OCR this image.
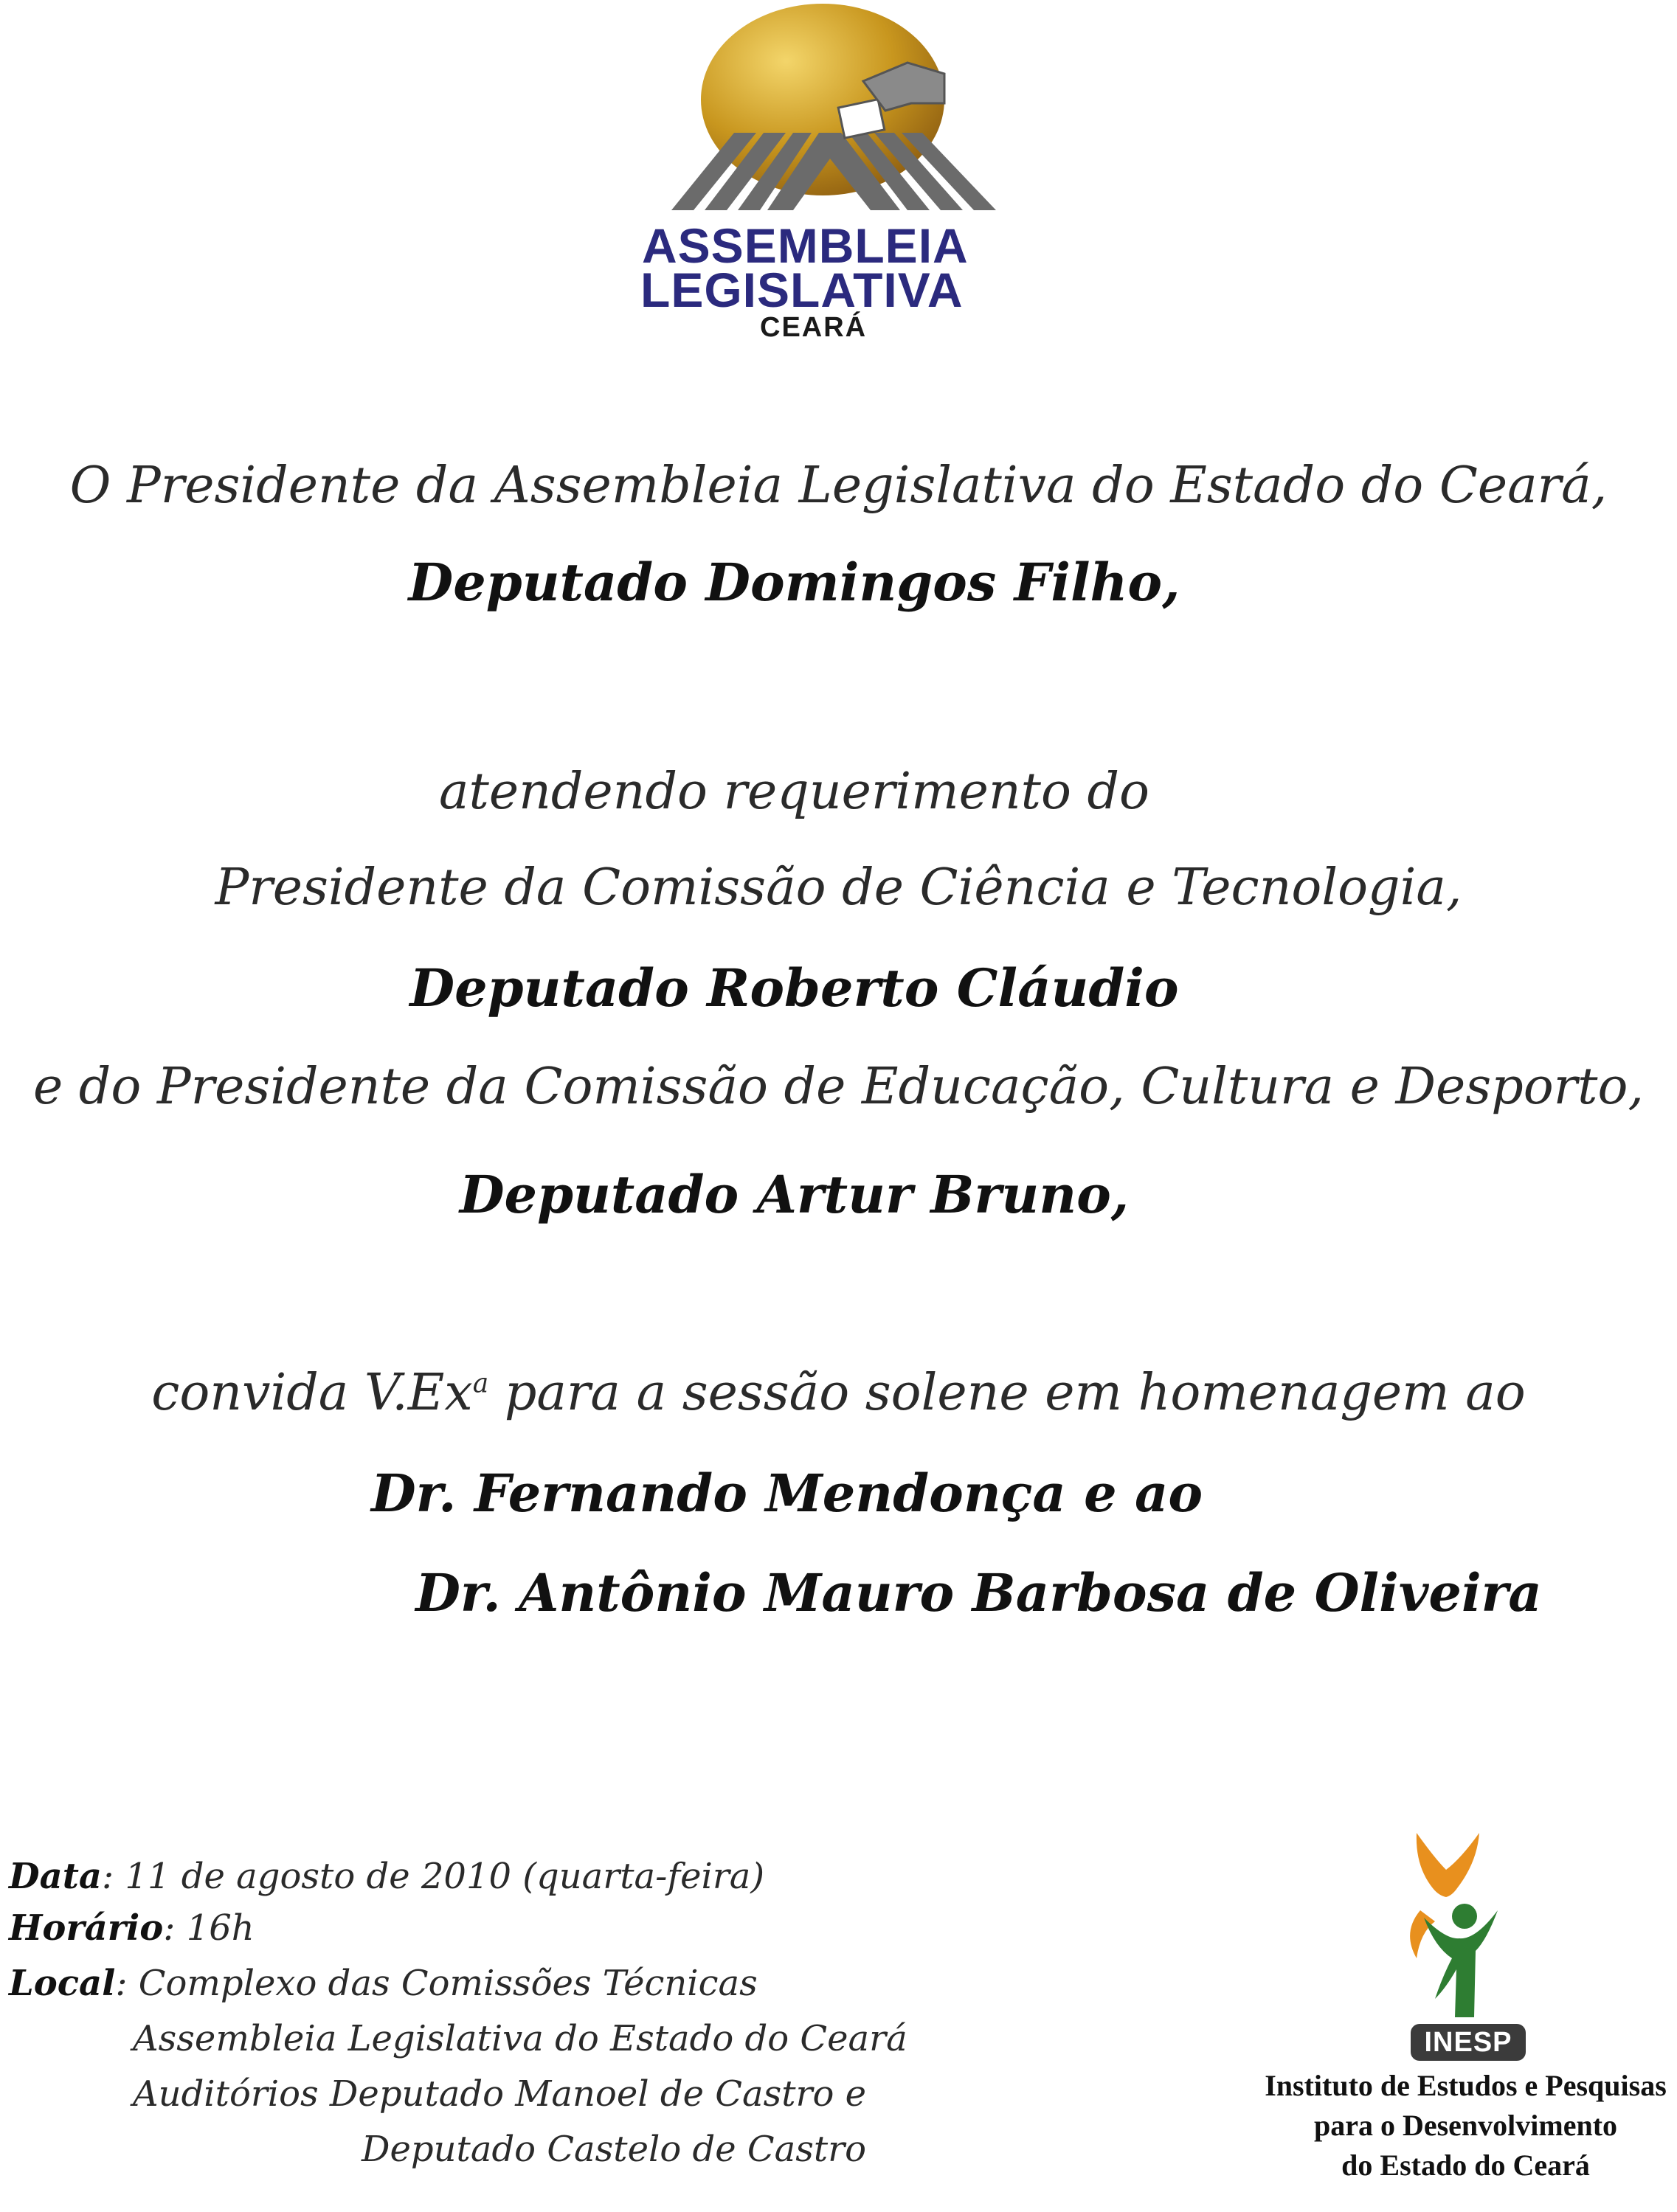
ASSEMBLEIA
LEGISLATIVA
CEARÁ
O Presidente da Assembleia Legislativa do Estado do Ceará,
Deputado Domingos Filho,
atendendo requerimento do
Presidente da Comissão de Ciência e Tecnologia,
Deputado Roberto Cláudio
e do Presidente da Comissão de Educação, Cultura e Desporto,
Deputado Artur Bruno,
convida V.Ex$^a$ para a sessão solene em homenagem ao
Dr. Fernando Mendonça e ao
Dr. Antônio Mauro Barbosa de Oliveira
Data: 11 de agosto de 2010 (quarta-feira)
Horário: 16h
Local: Complexo das Comissões Técnicas
Assembleia Legislativa do Estado do Ceará
Auditórios Deputado Manoel de Castro e
Deputado Castelo de Castro
INESP
Instituto de Estudos e Pesquisas
para o Desenvolvimento
do Estado do Ceará
